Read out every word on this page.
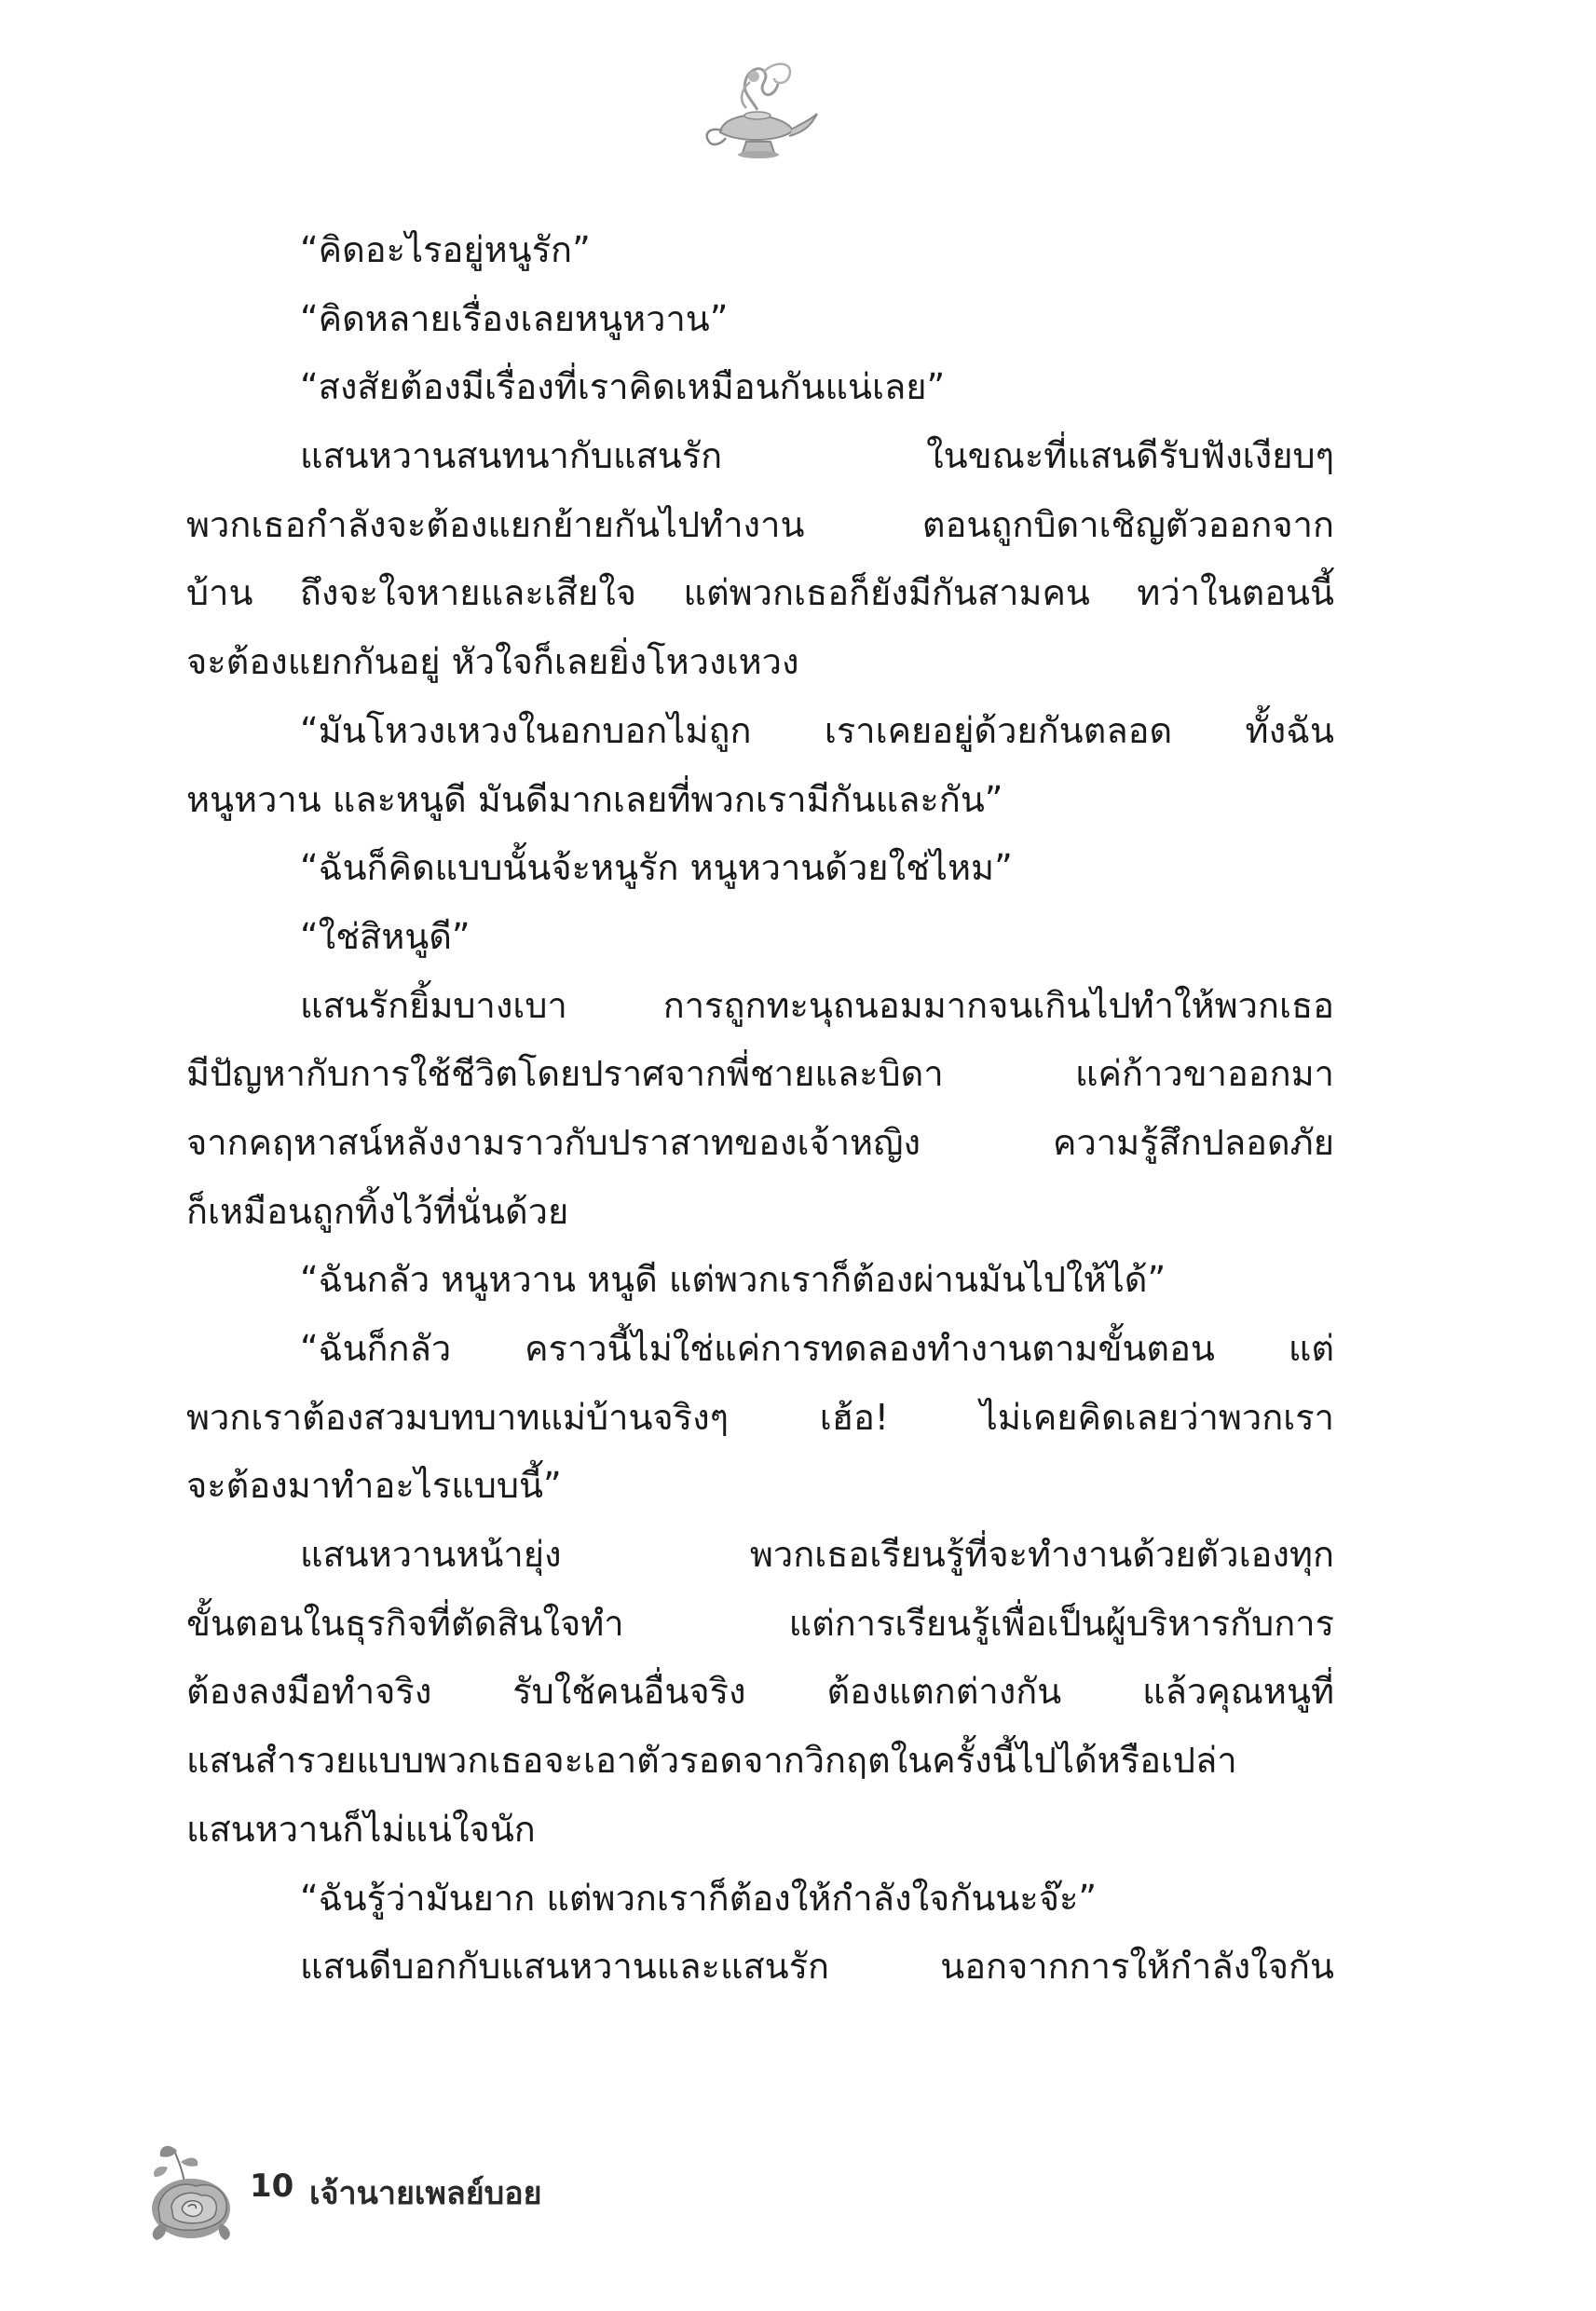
“คิดอะไรอยู่หนูรัก”
“คิดหลายเรื่องเลยหนูหวาน”
“สงสัยต้องมีเรื่องที่เราคิดเหมือนกันแน่เลย”
แสนหวานสนทนากับแสนรัก ในขณะที่แสนดีรับฟังเงียบๆ
พวกเธอกำลังจะต้องแยกย้ายกันไปทำงาน ตอนถูกบิดาเชิญตัวออกจาก
บ้าน ถึงจะใจหายและเสียใจ แต่พวกเธอก็ยังมีกันสามคน ทว่าในตอนนี้
จะต้องแยกกันอยู่ หัวใจก็เลยยิ่งโหวงเหวง
“มันโหวงเหวงในอกบอกไม่ถูก เราเคยอยู่ด้วยกันตลอด ทั้งฉัน
หนูหวาน และหนูดี มันดีมากเลยที่พวกเรามีกันและกัน”
“ฉันก็คิดแบบนั้นจ้ะหนูรัก หนูหวานด้วยใช่ไหม”
“ใช่สิหนูดี”
แสนรักยิ้มบางเบา การถูกทะนุถนอมมากจนเกินไปทำให้พวกเธอ
มีปัญหากับการใช้ชีวิตโดยปราศจากพี่ชายและบิดา แค่ก้าวขาออกมา
จากคฤหาสน์หลังงามราวกับปราสาทของเจ้าหญิง ความรู้สึกปลอดภัย
ก็เหมือนถูกทิ้งไว้ที่นั่นด้วย
“ฉันกลัว หนูหวาน หนูดี แต่พวกเราก็ต้องผ่านมันไปให้ได้”
“ฉันก็กลัว คราวนี้ไม่ใช่แค่การทดลองทำงานตามขั้นตอน แต่
พวกเราต้องสวมบทบาทแม่บ้านจริงๆ เฮ้อ! ไม่เคยคิดเลยว่าพวกเรา
จะต้องมาทำอะไรแบบนี้”
แสนหวานหน้ายุ่ง พวกเธอเรียนรู้ที่จะทำงานด้วยตัวเองทุก
ขั้นตอนในธุรกิจที่ตัดสินใจทำ แต่การเรียนรู้เพื่อเป็นผู้บริหารกับการ
ต้องลงมือทำจริง รับใช้คนอื่นจริง ต้องแตกต่างกัน แล้วคุณหนูที่
แสนสำรวยแบบพวกเธอจะเอาตัวรอดจากวิกฤตในครั้งนี้ไปได้หรือเปล่า
แสนหวานก็ไม่แน่ใจนัก
“ฉันรู้ว่ามันยาก แต่พวกเราก็ต้องให้กำลังใจกันนะจ๊ะ”
แสนดีบอกกับแสนหวานและแสนรัก นอกจากการให้กำลังใจกัน
10 เจ้านายเพลย์บอย
